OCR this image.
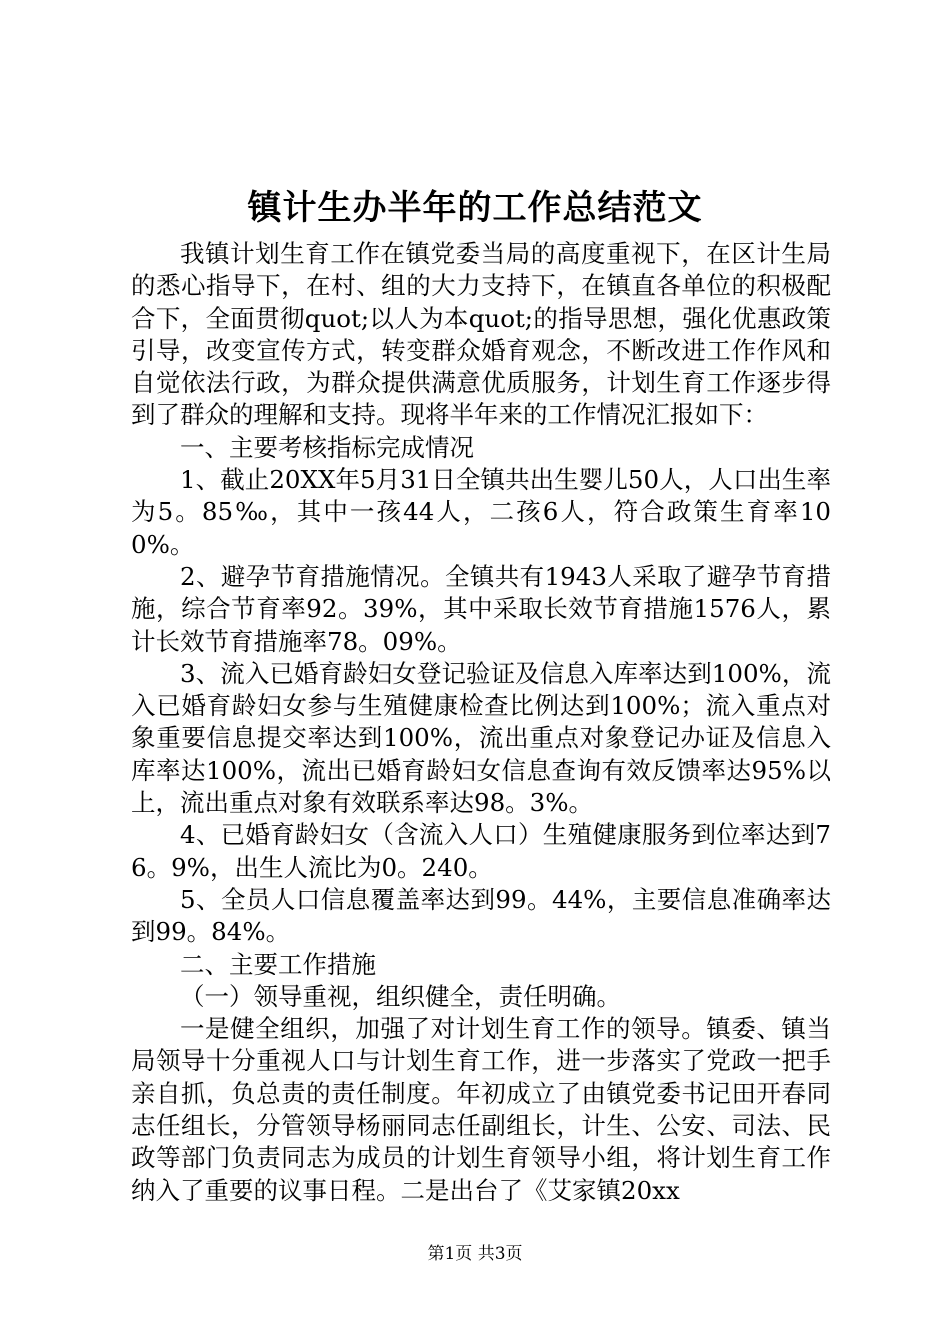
镇计生办半年的工作总结范文

我镇计划生育工作在镇党委当局的高度重视下，在区计生局的悉心指导下，在村、组的大力支持下，在镇直各单位的积极配合下，全面贯彻quot;以人为本quot;的指导思想，强化优惠政策引导，改变宣传方式，转变群众婚育观念，不断改进工作作风和自觉依法行政，为群众提供满意优质服务，计划生育工作逐步得到了群众的理解和支持。现将半年来的工作情况汇报如下：

一、主要考核指标完成情况

1、截止20XX年5月31日全镇共出生婴儿50人，人口出生率为5。85‰，其中一孩44人，二孩6人，符合政策生育率100%。

2、避孕节育措施情况。全镇共有1943人采取了避孕节育措施，综合节育率92。39%，其中采取长效节育措施1576人，累计长效节育措施率78。09%。

3、流入已婚育龄妇女登记验证及信息入库率达到100%，流入已婚育龄妇女参与生殖健康检查比例达到100%；流入重点对象重要信息提交率达到100%，流出重点对象登记办证及信息入库率达100%，流出已婚育龄妇女信息查询有效反馈率达95%以上，流出重点对象有效联系率达98。3%。

4、已婚育龄妇女（含流入人口）生殖健康服务到位率达到76。9%，出生人流比为0。240。

5、全员人口信息覆盖率达到99。44%，主要信息准确率达到99。84%。

二、主要工作措施

（一）领导重视，组织健全，责任明确。

一是健全组织，加强了对计划生育工作的领导。镇委、镇当局领导十分重视人口与计划生育工作，进一步落实了党政一把手亲自抓，负总责的责任制度。年初成立了由镇党委书记田开春同志任组长，分管领导杨丽同志任副组长，计生、公安、司法、民政等部门负责同志为成员的计划生育领导小组，将计划生育工作纳入了重要的议事日程。二是出台了《艾家镇20xx

第1页 共3页
